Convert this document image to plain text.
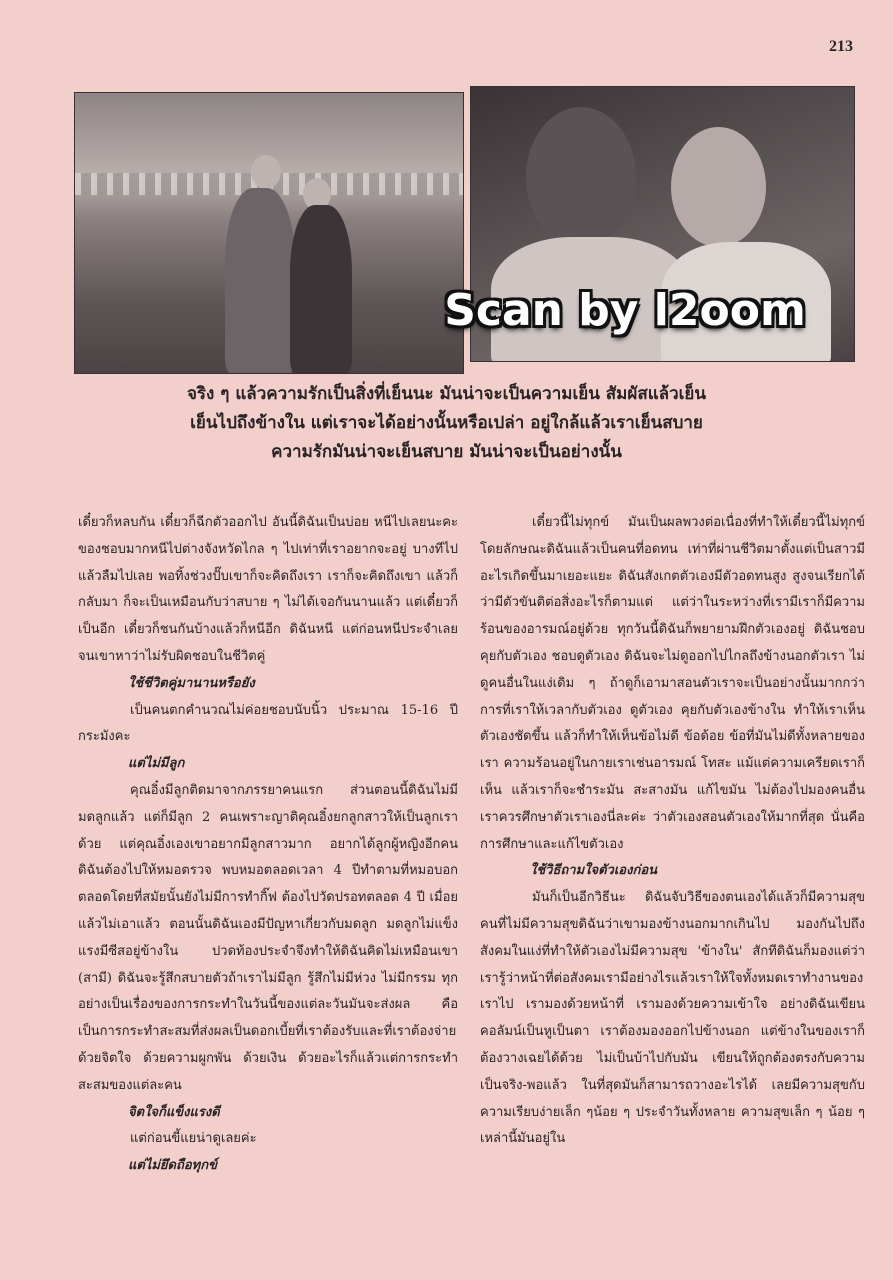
213
Scan by l2oom
จริง ๆ แล้วความรักเป็นสิ่งที่เย็นนะ มันน่าจะเป็นความเย็น สัมผัสแล้วเย็น
เย็นไปถึงข้างใน แต่เราจะได้อย่างนั้นหรือเปล่า อยู่ใกล้แล้วเราเย็นสบาย
ความรักมันน่าจะเย็นสบาย มันน่าจะเป็นอย่างนั้น

เดี๋ยวก็หลบกัน เดี๋ยวก็ฉีกตัวออกไป อันนี้ดิฉันเป็นบ่อย หนีไปเลยนะคะ ของชอบมากหนีไปต่างจังหวัดไกล ๆ ไปเท่าที่เราอยากจะอยู่ บางทีไปแล้วลืมไปเลย พอทิ้งช่วงปั๊บเขาก็จะคิดถึงเรา เราก็จะคิดถึงเขา แล้วก็กลับมา ก็จะเป็นเหมือนกับว่าสบาย ๆ ไม่ได้เจอกันนานแล้ว แต่เดี๋ยวก็เป็นอีก เดี๋ยวก็ชนกันบ้างแล้วก็หนีอีก ดิฉันหนี แต่ก่อนหนีประจำเลยจนเขาหาว่าไม่รับผิดชอบในชีวิตคู่

ใช้ชีวิตคู่มานานหรือยัง

เป็นคนตกคำนวณไม่ค่อยชอบนับนิ้ว ประมาณ 15-16 ปีกระมังคะ

แต่ไม่มีลูก

คุณอิ๋งมีลูกติดมาจากภรรยาคนแรก ส่วนตอนนี้ดิฉันไม่มีมดลูกแล้ว แต่ก็มีลูก 2 คนเพราะญาติคุณอิ๋งยกลูกสาวให้เป็นลูกเราด้วย แต่คุณอิ๋งเองเขาอยากมีลูกสาวมาก อยากได้ลูกผู้หญิงอีกคน ดิฉันต้องไปให้หมอตรวจ พบหมอตลอดเวลา 4 ปีทำตามที่หมอบอกตลอดโดยที่สมัยนั้นยังไม่มีการทำกิ๊ฟ ต้องไปวัดปรอทตลอด 4 ปี เมื่อยแล้วไม่เอาแล้ว ตอนนั้นดิฉันเองมีปัญหาเกี่ยวกับมดลูก มดลูกไม่แข็งแรงมีซีสอยู่ข้างใน ปวดท้องประจำจึงทำให้ดิฉันคิดไม่เหมือนเขา (สามี) ดิฉันจะรู้สึกสบายตัวถ้าเราไม่มีลูก รู้สึกไม่มีห่วง ไม่มีกรรม ทุกอย่างเป็นเรื่องของการกระทำในวันนี้ของแต่ละวันมันจะส่งผล คือเป็นการกระทำสะสมที่ส่งผลเป็นดอกเบี้ยที่เราต้องรับและที่เราต้องจ่าย ด้วยจิตใจ ด้วยความผูกพัน ด้วยเงิน ด้วยอะไรก็แล้วแต่การกระทำสะสมของแต่ละคน

จิตใจก็แข็งแรงดี

แต่ก่อนขี้แยน่าดูเลยค่ะ

แต่ไม่ยึดถือทุกข์

เดี๋ยวนี้ไม่ทุกข์ มันเป็นผลพวงต่อเนื่องที่ทำให้เดี๋ยวนี้ไม่ทุกข์ โดยลักษณะดิฉันแล้วเป็นคนที่อดทน เท่าที่ผ่านชีวิตมาตั้งแต่เป็นสาวมีอะไรเกิดขึ้นมาเยอะแยะ ดิฉันสังเกตตัวเองมีตัวอดทนสูง สูงจนเรียกได้ว่ามีตัวขันติต่อสิ่งอะไรก็ตามแต่ แต่ว่าในระหว่างที่เรามีเราก็มีความร้อนของอารมณ์อยู่ด้วย ทุกวันนี้ดิฉันก็พยายามฝึกตัวเองอยู่ ดิฉันชอบคุยกับตัวเอง ชอบดูตัวเอง ดิฉันจะไม่ดูออกไปไกลถึงข้างนอกตัวเรา ไม่ดูคนอื่นในแง่เดิม ๆ ถ้าดูก็เอามาสอนตัวเราจะเป็นอย่างนั้นมากกว่า การที่เราให้เวลากับตัวเอง ดูตัวเอง คุยกับตัวเองข้างใน ทำให้เราเห็นตัวเองชัดขึ้น แล้วก็ทำให้เห็นข้อไม่ดี ข้อด้อย ข้อที่มันไม่ดีทั้งหลายของเรา ความร้อนอยู่ในกายเราเช่นอารมณ์ โทสะ แม้แต่ความเครียดเราก็เห็น แล้วเราก็จะชำระมัน สะสางมัน แก้ไขมัน ไม่ต้องไปมองคนอื่น เราควรศึกษาตัวเราเองนี่ละค่ะ ว่าตัวเองสอนตัวเองให้มากที่สุด นั่นคือการศึกษาและแก้ไขตัวเอง

ใช้วิธีถามใจตัวเองก่อน

มันก็เป็นอีกวิธีนะ ดิฉันจับวิธีของตนเองได้แล้วก็มีความสุข คนที่ไม่มีความสุขดิฉันว่าเขามองข้างนอกมากเกินไป มองกันไปถึงสังคมในแง่ที่ทำให้ตัวเองไม่มีความสุข 'ข้างใน' สักทีดิฉันก็มองแต่ว่าเรารู้ว่าหน้าที่ต่อสังคมเรามีอย่างไรแล้วเราให้ใจทั้งหมดเราทำงานของเราไป เรามองด้วยหน้าที่ เรามองด้วยความเข้าใจ อย่างดิฉันเขียนคอลัมน์เป็นหูเป็นตา เราต้องมองออกไปข้างนอก แต่ข้างในของเราก็ต้องวางเฉยได้ด้วย ไม่เป็นบ้าไปกับมัน เขียนให้ถูกต้องตรงกับความเป็นจริง-พอแล้ว ในที่สุดมันก็สามารถวางอะไรได้ เลยมีความสุขกับความเรียบง่ายเล็ก ๆน้อย ๆ ประจำวันทั้งหลาย ความสุขเล็ก ๆ น้อย ๆ เหล่านี้มันอยู่ใน
